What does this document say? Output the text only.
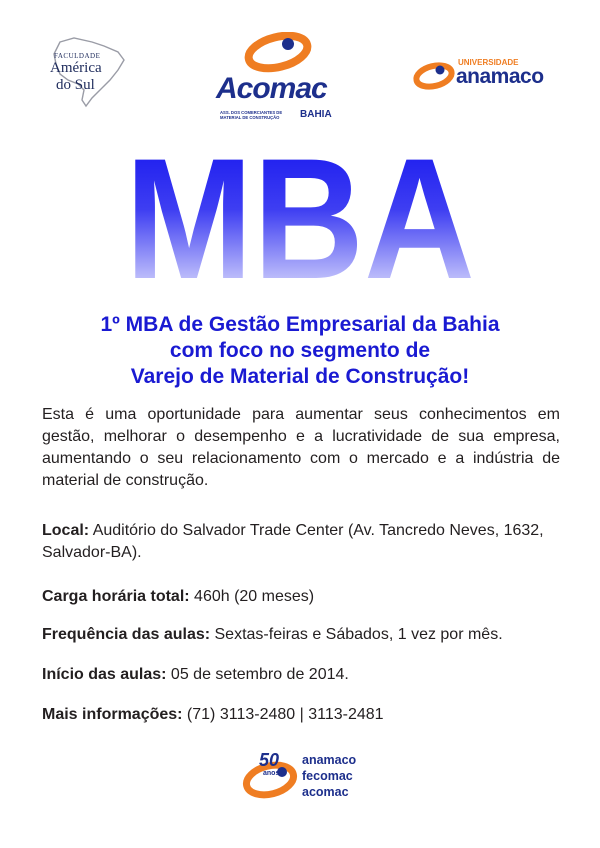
FACULDADE
América
do Sul	Acomac
ASS. DOS COMERCIANTES DE
MATERIAL DE CONSTRUÇÃO	BAHIA
UNIVERSIDADE
anamaco
MBA
1º MBA de Gestão Empresarial da Bahia
com foco no segmento de
Varejo de Material de Construção!
Esta é uma oportunidade para aumentar seus conhecimentos em gestão, melhorar o desempenho e a lucratividade de sua empresa, aumentando o seu relacionamento com o mercado e a indústria de material de construção.
Local: Auditório do Salvador Trade Center (Av. Tancredo Neves, 1632, Salvador-BA).
Carga horária total: 460h (20 meses)
Frequência das aulas: Sextas-feiras e Sábados, 1 vez por mês.
Início das aulas: 05 de setembro de 2014.
Mais informações: (71) 3113-2480 | 3113-2481
50
anos
anamaco
fecomac
acomac
